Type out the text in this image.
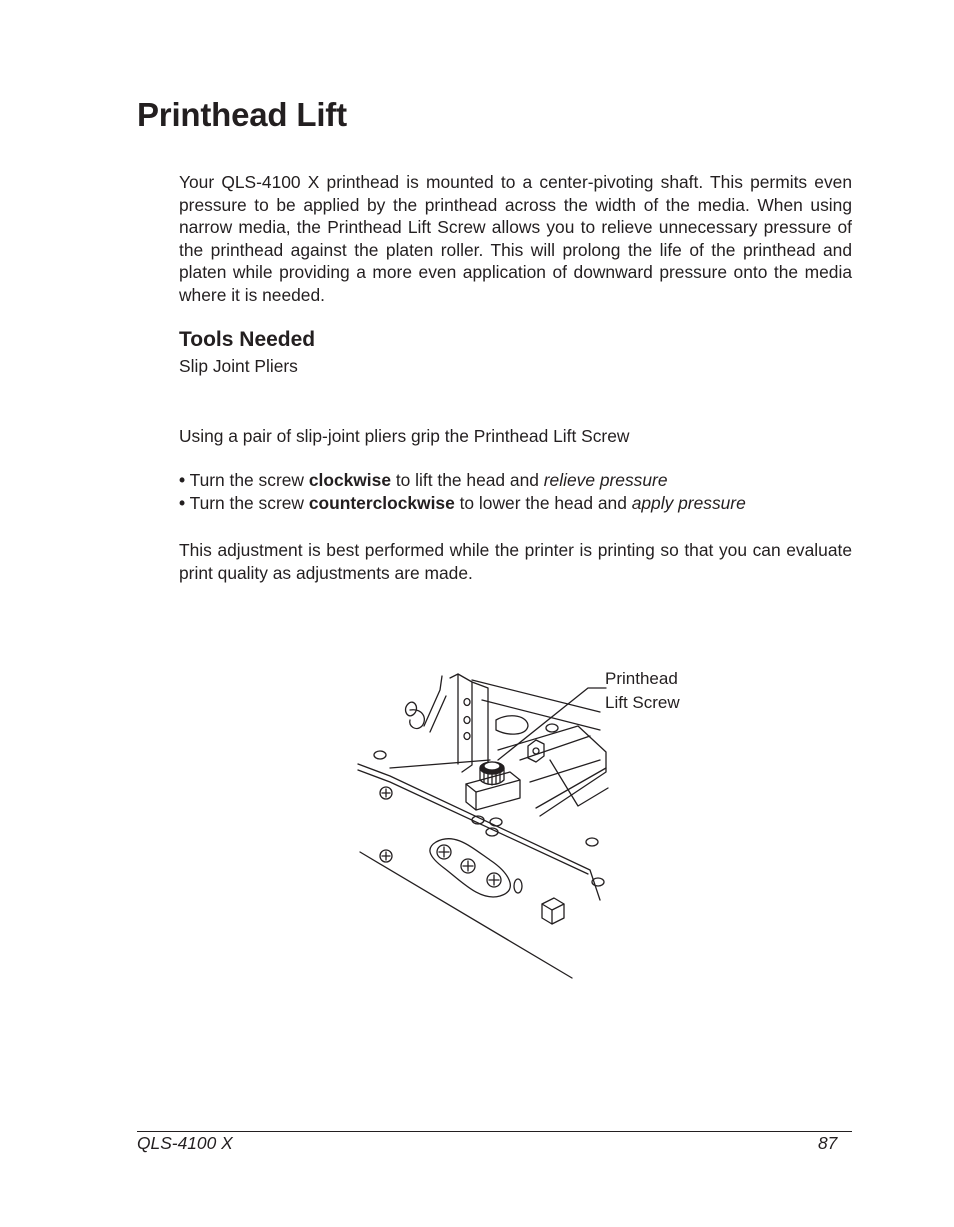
Printhead Lift

Your QLS-4100 X printhead is mounted to a center-pivoting shaft. This permits even pressure to be applied by the printhead across the width of the media. When using narrow media, the Printhead Lift Screw allows you to relieve unnecessary pressure of the printhead against the platen roller. This will prolong the life of the printhead and platen while providing a more even application of downward pressure onto the media where it is needed.

Tools Needed
Slip Joint Pliers

Using a pair of slip-joint pliers grip the Printhead Lift Screw

• Turn the screw clockwise to lift the head and relieve pressure
• Turn the screw counterclockwise to lower the head and apply pressure

This adjustment is best performed while the printer is printing so that you can evaluate print quality as adjustments are made.

Printhead
Lift Screw
QLS-4100 X	87
